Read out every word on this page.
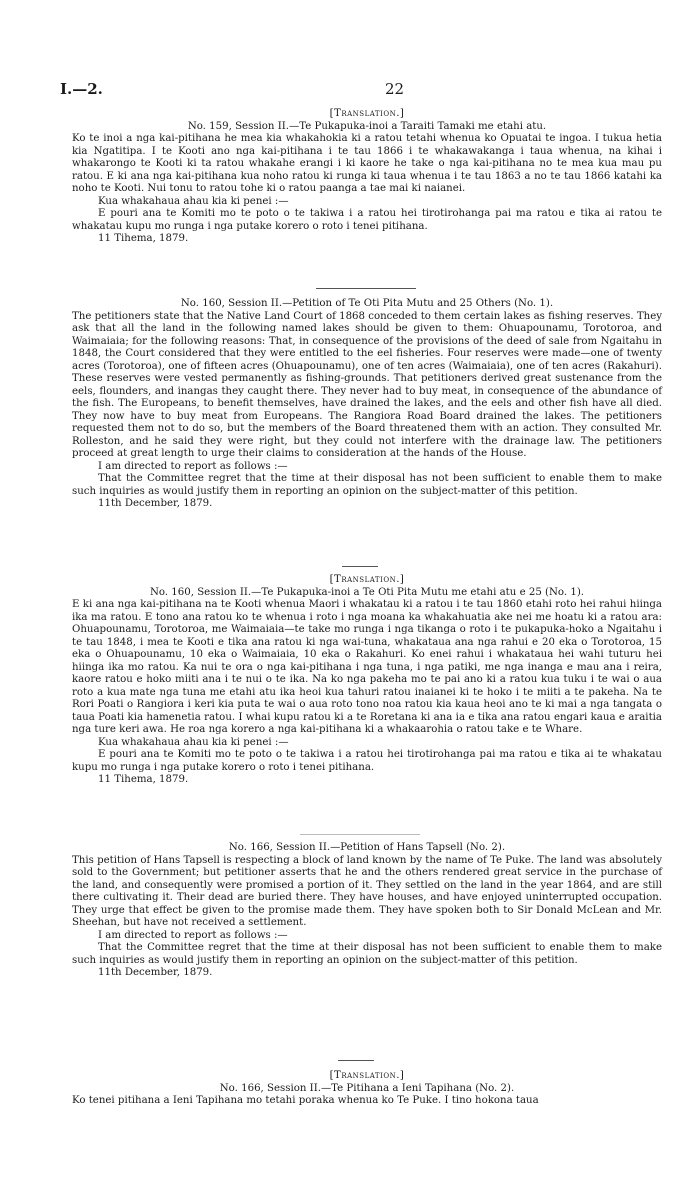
I.—2.	22

[Translation.]

No. 159, Session II.—Te Pukapuka-inoi a Taraiti Tamaki me etahi atu.

Ko te inoi a nga kai-pitihana he mea kia whakahokia ki a ratou tetahi whenua ko Opuatai te ingoa. I tukua hetia kia Ngatitipa. I te Kooti ano nga kai-pitihana i te tau 1866 i te whakawakanga i taua whenua, na kihai i whakarongo te Kooti ki ta ratou whakahe erangi i ki kaore he take o nga kai-pitihana no te mea kua mau pu ratou. E ki ana nga kai-pitihana kua noho ratou ki runga ki taua whenua i te tau 1863 a no te tau 1866 katahi ka noho te Kooti. Nui tonu to ratou tohe ki o ratou paanga a tae mai ki naianei.

Kua whakahaua ahau kia ki penei :—

E pouri ana te Komiti mo te poto o te takiwa i a ratou hei tirotirohanga pai ma ratou e tika ai ratou te whakatau kupu mo runga i nga putake korero o roto i tenei pitihana.

11 Tihema, 1879.

No. 160, Session II.—Petition of Te Oti Pita Mutu and 25 Others (No. 1).

The petitioners state that the Native Land Court of 1868 conceded to them certain lakes as fishing reserves. They ask that all the land in the following named lakes should be given to them: Ohuapounamu, Torotoroa, and Waimaiaia; for the following reasons: That, in consequence of the provisions of the deed of sale from Ngaitahu in 1848, the Court considered that they were entitled to the eel fisheries. Four reserves were made—one of twenty acres (Torotoroa), one of fifteen acres (Ohuapounamu), one of ten acres (Waimaiaia), one of ten acres (Rakahuri). These reserves were vested permanently as fishing-grounds. That petitioners derived great sustenance from the eels, flounders, and inangas they caught there. They never had to buy meat, in consequence of the abundance of the fish. The Europeans, to benefit themselves, have drained the lakes, and the eels and other fish have all died. They now have to buy meat from Europeans. The Rangiora Road Board drained the lakes. The petitioners requested them not to do so, but the members of the Board threatened them with an action. They consulted Mr. Rolleston, and he said they were right, but they could not interfere with the drainage law. The petitioners proceed at great length to urge their claims to consideration at the hands of the House.

I am directed to report as follows :—

That the Committee regret that the time at their disposal has not been sufficient to enable them to make such inquiries as would justify them in reporting an opinion on the subject-matter of this petition.

11th December, 1879.

[Translation.]

No. 160, Session II.—Te Pukapuka-inoi a Te Oti Pita Mutu me etahi atu e 25 (No. 1).

E ki ana nga kai-pitihana na te Kooti whenua Maori i whakatau ki a ratou i te tau 1860 etahi roto hei rahui hiinga ika ma ratou. E tono ana ratou ko te whenua i roto i nga moana ka whakahuatia ake nei me hoatu ki a ratou ara: Ohuapounamu, Torotoroa, me Waimaiaia—te take mo runga i nga tikanga o roto i te pukapuka-hoko a Ngaitahu i te tau 1848, i mea te Kooti e tika ana ratou ki nga wai-tuna, whakataua ana nga rahui e 20 eka o Torotoroa, 15 eka o Ohuapounamu, 10 eka o Waimaiaia, 10 eka o Rakahuri. Ko enei rahui i whakataua hei wahi tuturu hei hiinga ika mo ratou. Ka nui te ora o nga kai-pitihana i nga tuna, i nga patiki, me nga inanga e mau ana i reira, kaore ratou e hoko miiti ana i te nui o te ika. Na ko nga pakeha mo te pai ano ki a ratou kua tuku i te wai o aua roto a kua mate nga tuna me etahi atu ika heoi kua tahuri ratou inaianei ki te hoko i te miiti a te pakeha. Na te Rori Poati o Rangiora i keri kia puta te wai o aua roto tono noa ratou kia kaua heoi ano te ki mai a nga tangata o taua Poati kia hamenetia ratou. I whai kupu ratou ki a te Roretana ki ana ia e tika ana ratou engari kaua e araitia nga ture keri awa. He roa nga korero a nga kai-pitihana ki a whakaarohia o ratou take e te Whare.

Kua whakahaua ahau kia ki penei :—

E pouri ana te Komiti mo te poto o te takiwa i a ratou hei tirotirohanga pai ma ratou e tika ai te whakatau kupu mo runga i nga putake korero o roto i tenei pitihana.

11 Tihema, 1879.

No. 166, Session II.—Petition of Hans Tapsell (No. 2).

This petition of Hans Tapsell is respecting a block of land known by the name of Te Puke. The land was absolutely sold to the Government; but petitioner asserts that he and the others rendered great service in the purchase of the land, and consequently were promised a portion of it. They settled on the land in the year 1864, and are still there cultivating it. Their dead are buried there. They have houses, and have enjoyed uninterrupted occupation. They urge that effect be given to the promise made them. They have spoken both to Sir Donald McLean and Mr. Sheehan, but have not received a settlement.

I am directed to report as follows :—

That the Committee regret that the time at their disposal has not been sufficient to enable them to make such inquiries as would justify them in reporting an opinion on the subject-matter of this petition.

11th December, 1879.

[Translation.]

No. 166, Session II.—Te Pitihana a Ieni Tapihana (No. 2).

Ko tenei pitihana a Ieni Tapihana mo tetahi poraka whenua ko Te Puke. I tino hokona taua
